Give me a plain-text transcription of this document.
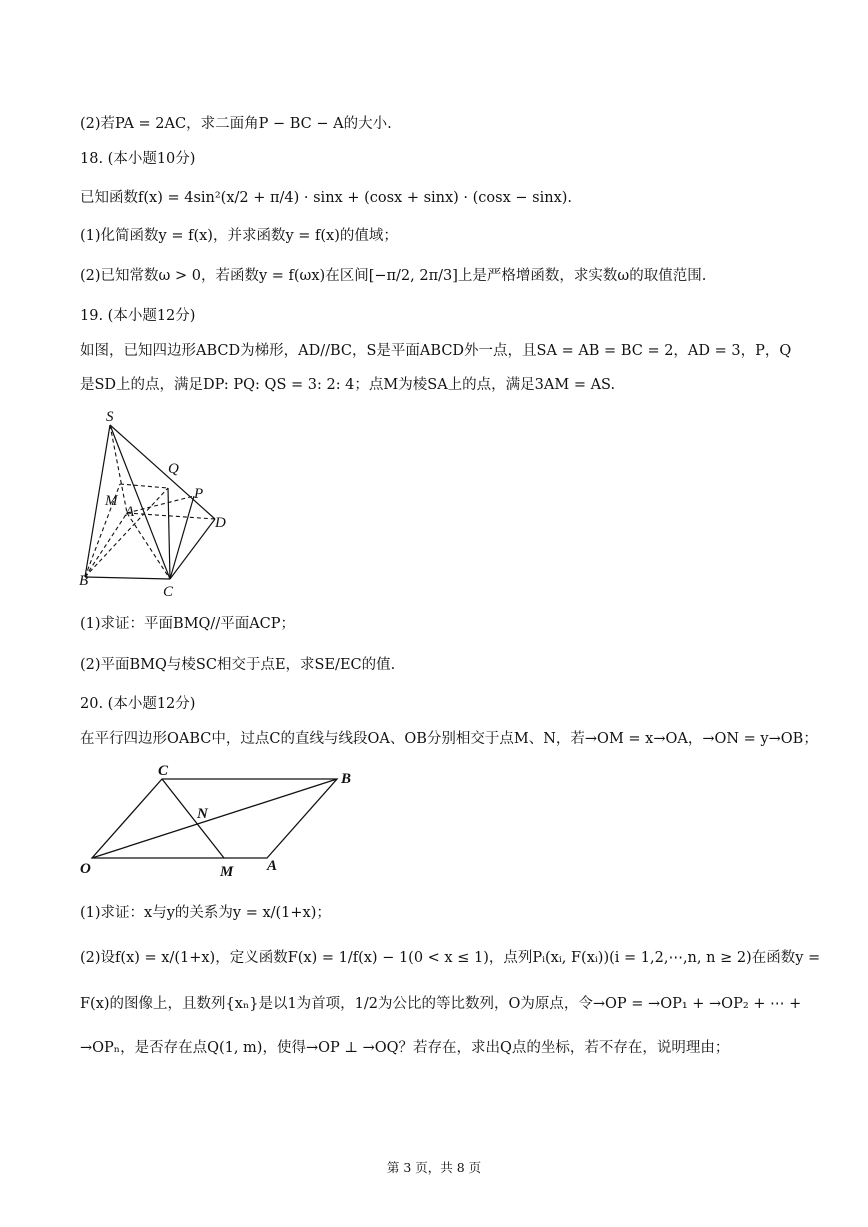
(2)若PA = 2AC，求二面角P − BC − A的大小.
18. (本小题10分)
已知函数f(x) = 4sin²(x/2 + π/4) · sinx + (cosx + sinx) · (cosx − sinx).
(1)化简函数y = f(x)，并求函数y = f(x)的值域；
(2)已知常数ω > 0，若函数y = f(ωx)在区间[−π/2, 2π/3]上是严格增函数，求实数ω的取值范围.
19. (本小题12分)
如图，已知四边形ABCD为梯形，AD//BC，S是平面ABCD外一点，且SA = AB = BC = 2，AD = 3，P，Q
是SD上的点，满足DP: PQ: QS = 3: 2: 4；点M为棱SA上的点，满足3AM = AS.
S
Q
P
M
A
D
B
C
(1)求证：平面BMQ//平面ACP；
(2)平面BMQ与棱SC相交于点E，求SE/EC的值.
20. (本小题12分)
在平行四边形OABC中，过点C的直线与线段OA、OB分别相交于点M、N，若→OM = x→OA，→ON = y→OB；
C	B
N
O	M A
(1)求证：x与y的关系为y = x/(1+x)；
(2)设f(x) = x/(1+x)，定义函数F(x) = 1/f(x) − 1(0 < x ≤ 1)，点列Pᵢ(xᵢ, F(xᵢ))(i = 1,2,⋯,n, n ≥ 2)在函数y =
F(x)的图像上，且数列{xₙ}是以1为首项，1/2为公比的等比数列，O为原点，令→OP = →OP₁ + →OP₂ + ⋯ +
→OPₙ，是否存在点Q(1, m)，使得→OP ⊥ →OQ？若存在，求出Q点的坐标，若不存在，说明理由；
第 3 页，共 8 页
